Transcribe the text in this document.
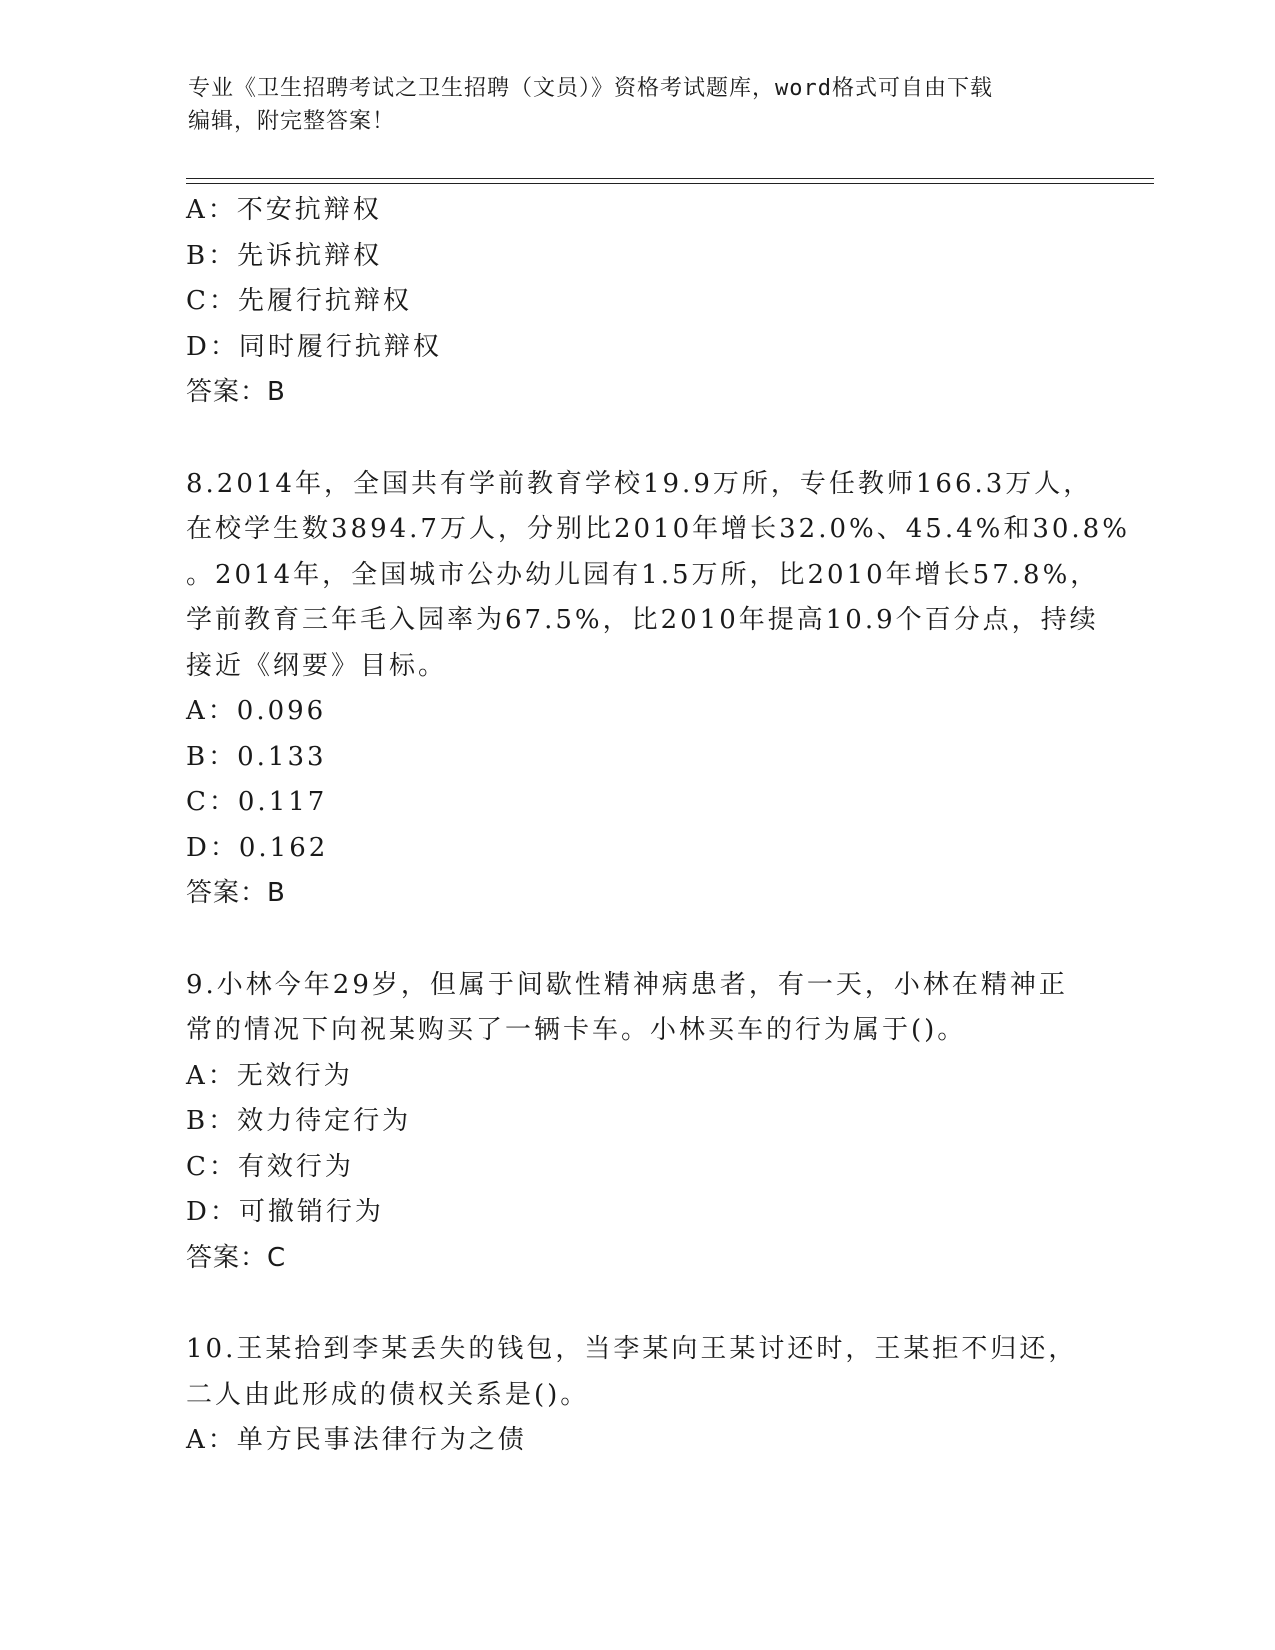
专业《卫生招聘考试之卫生招聘（文员）》资格考试题库，word格式可自由下载
编辑，附完整答案！
A：不安抗辩权
B：先诉抗辩权
C：先履行抗辩权
D：同时履行抗辩权
答案：B
8.2014年，全国共有学前教育学校19.9万所，专任教师166.3万人，
在校学生数3894.7万人，分别比2010年增长32.0%、45.4%和30.8%
。2014年，全国城市公办幼儿园有1.5万所，比2010年增长57.8%，
学前教育三年毛入园率为67.5%，比2010年提高10.9个百分点，持续
接近《纲要》目标。
A：0.096
B：0.133
C：0.117
D：0.162
答案：B
9.小林今年29岁，但属于间歇性精神病患者，有一天，小林在精神正
常的情况下向祝某购买了一辆卡车。小林买车的行为属于()。
A：无效行为
B：效力待定行为
C：有效行为
D：可撤销行为
答案：C
10.王某拾到李某丢失的钱包，当李某向王某讨还时，王某拒不归还，
二人由此形成的债权关系是()。
A：单方民事法律行为之债
